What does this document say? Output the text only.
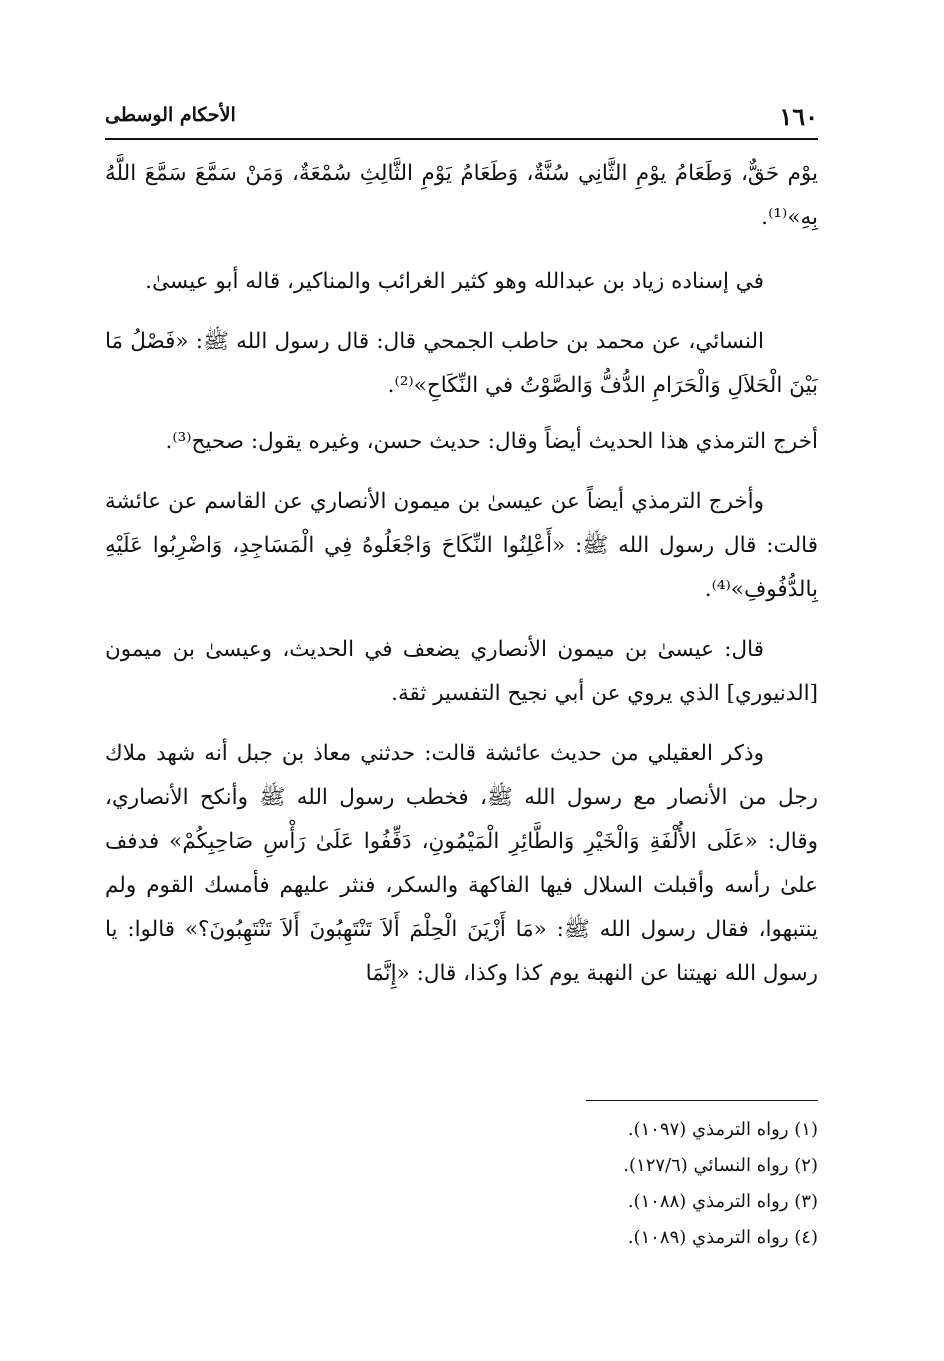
١٦٠
الأحكام الوسطى

يوْم حَقٌّ، وَطَعَامُ يوْمِ الثَّانِي سُنَّةٌ، وَطَعَامُ يَوْمِ الثَّالِثِ سُمْعَةٌ، وَمَنْ سَمَّعَ سَمَّعَ اللَّهُ بِهِ»⁽¹⁾.

في إسناده زياد بن عبدالله وهو كثير الغرائب والمناكير، قاله أبو عيسىٰ.

النسائي، عن محمد بن حاطب الجمحي قال: قال رسول الله ﷺ: «فَصْلُ مَا بَيْنَ الْحَلاَلِ وَالْحَرَامِ الدُّفُّ وَالصَّوْتُ في النِّكَاحِ»⁽²⁾.

أخرج الترمذي هذا الحديث أيضاً وقال: حديث حسن، وغيره يقول: صحيح⁽³⁾.

وأخرج الترمذي أيضاً عن عيسىٰ بن ميمون الأنصاري عن القاسم عن عائشة قالت: قال رسول الله ﷺ: «أَعْلِنُوا النِّكَاحَ وَاجْعَلُوهُ فِي الْمَسَاجِدِ، وَاضْرِبُوا عَلَيْهِ بِالدُّفُوفِ»⁽⁴⁾.

قال: عيسىٰ بن ميمون الأنصاري يضعف في الحديث، وعيسىٰ بن ميمون [الدنيوري] الذي يروي عن أبي نجيح التفسير ثقة.

وذكر العقيلي من حديث عائشة قالت: حدثني معاذ بن جبل أنه شهد ملاك رجل من الأنصار مع رسول الله ﷺ، فخطب رسول الله ﷺ وأنكح الأنصاري، وقال: «عَلَى الأُلْفَةِ وَالْخَيْرِ وَالطَّائِرِ الْمَيْمُونِ، دَفِّفُوا عَلَىٰ رَأْسِ صَاحِبِكُمْ» فدفف علىٰ رأسه وأقبلت السلال فيها الفاكهة والسكر، فنثر عليهم فأمسك القوم ولم ينتبهوا، فقال رسول الله ﷺ: «مَا أَزْيَنَ الْحِلْمَ أَلاَ تَنْتَهِبُونَ أَلاَ تَنْتَهِبُونَ؟» قالوا: يا رسول الله نهيتنا عن النهبة يوم كذا وكذا، قال: «إِنَّمَا

(١) رواه الترمذي (١٠٩٧).

(٢) رواه النسائي (١٢٧/٦).

(٣) رواه الترمذي (١٠٨٨).

(٤) رواه الترمذي (١٠٨٩).
